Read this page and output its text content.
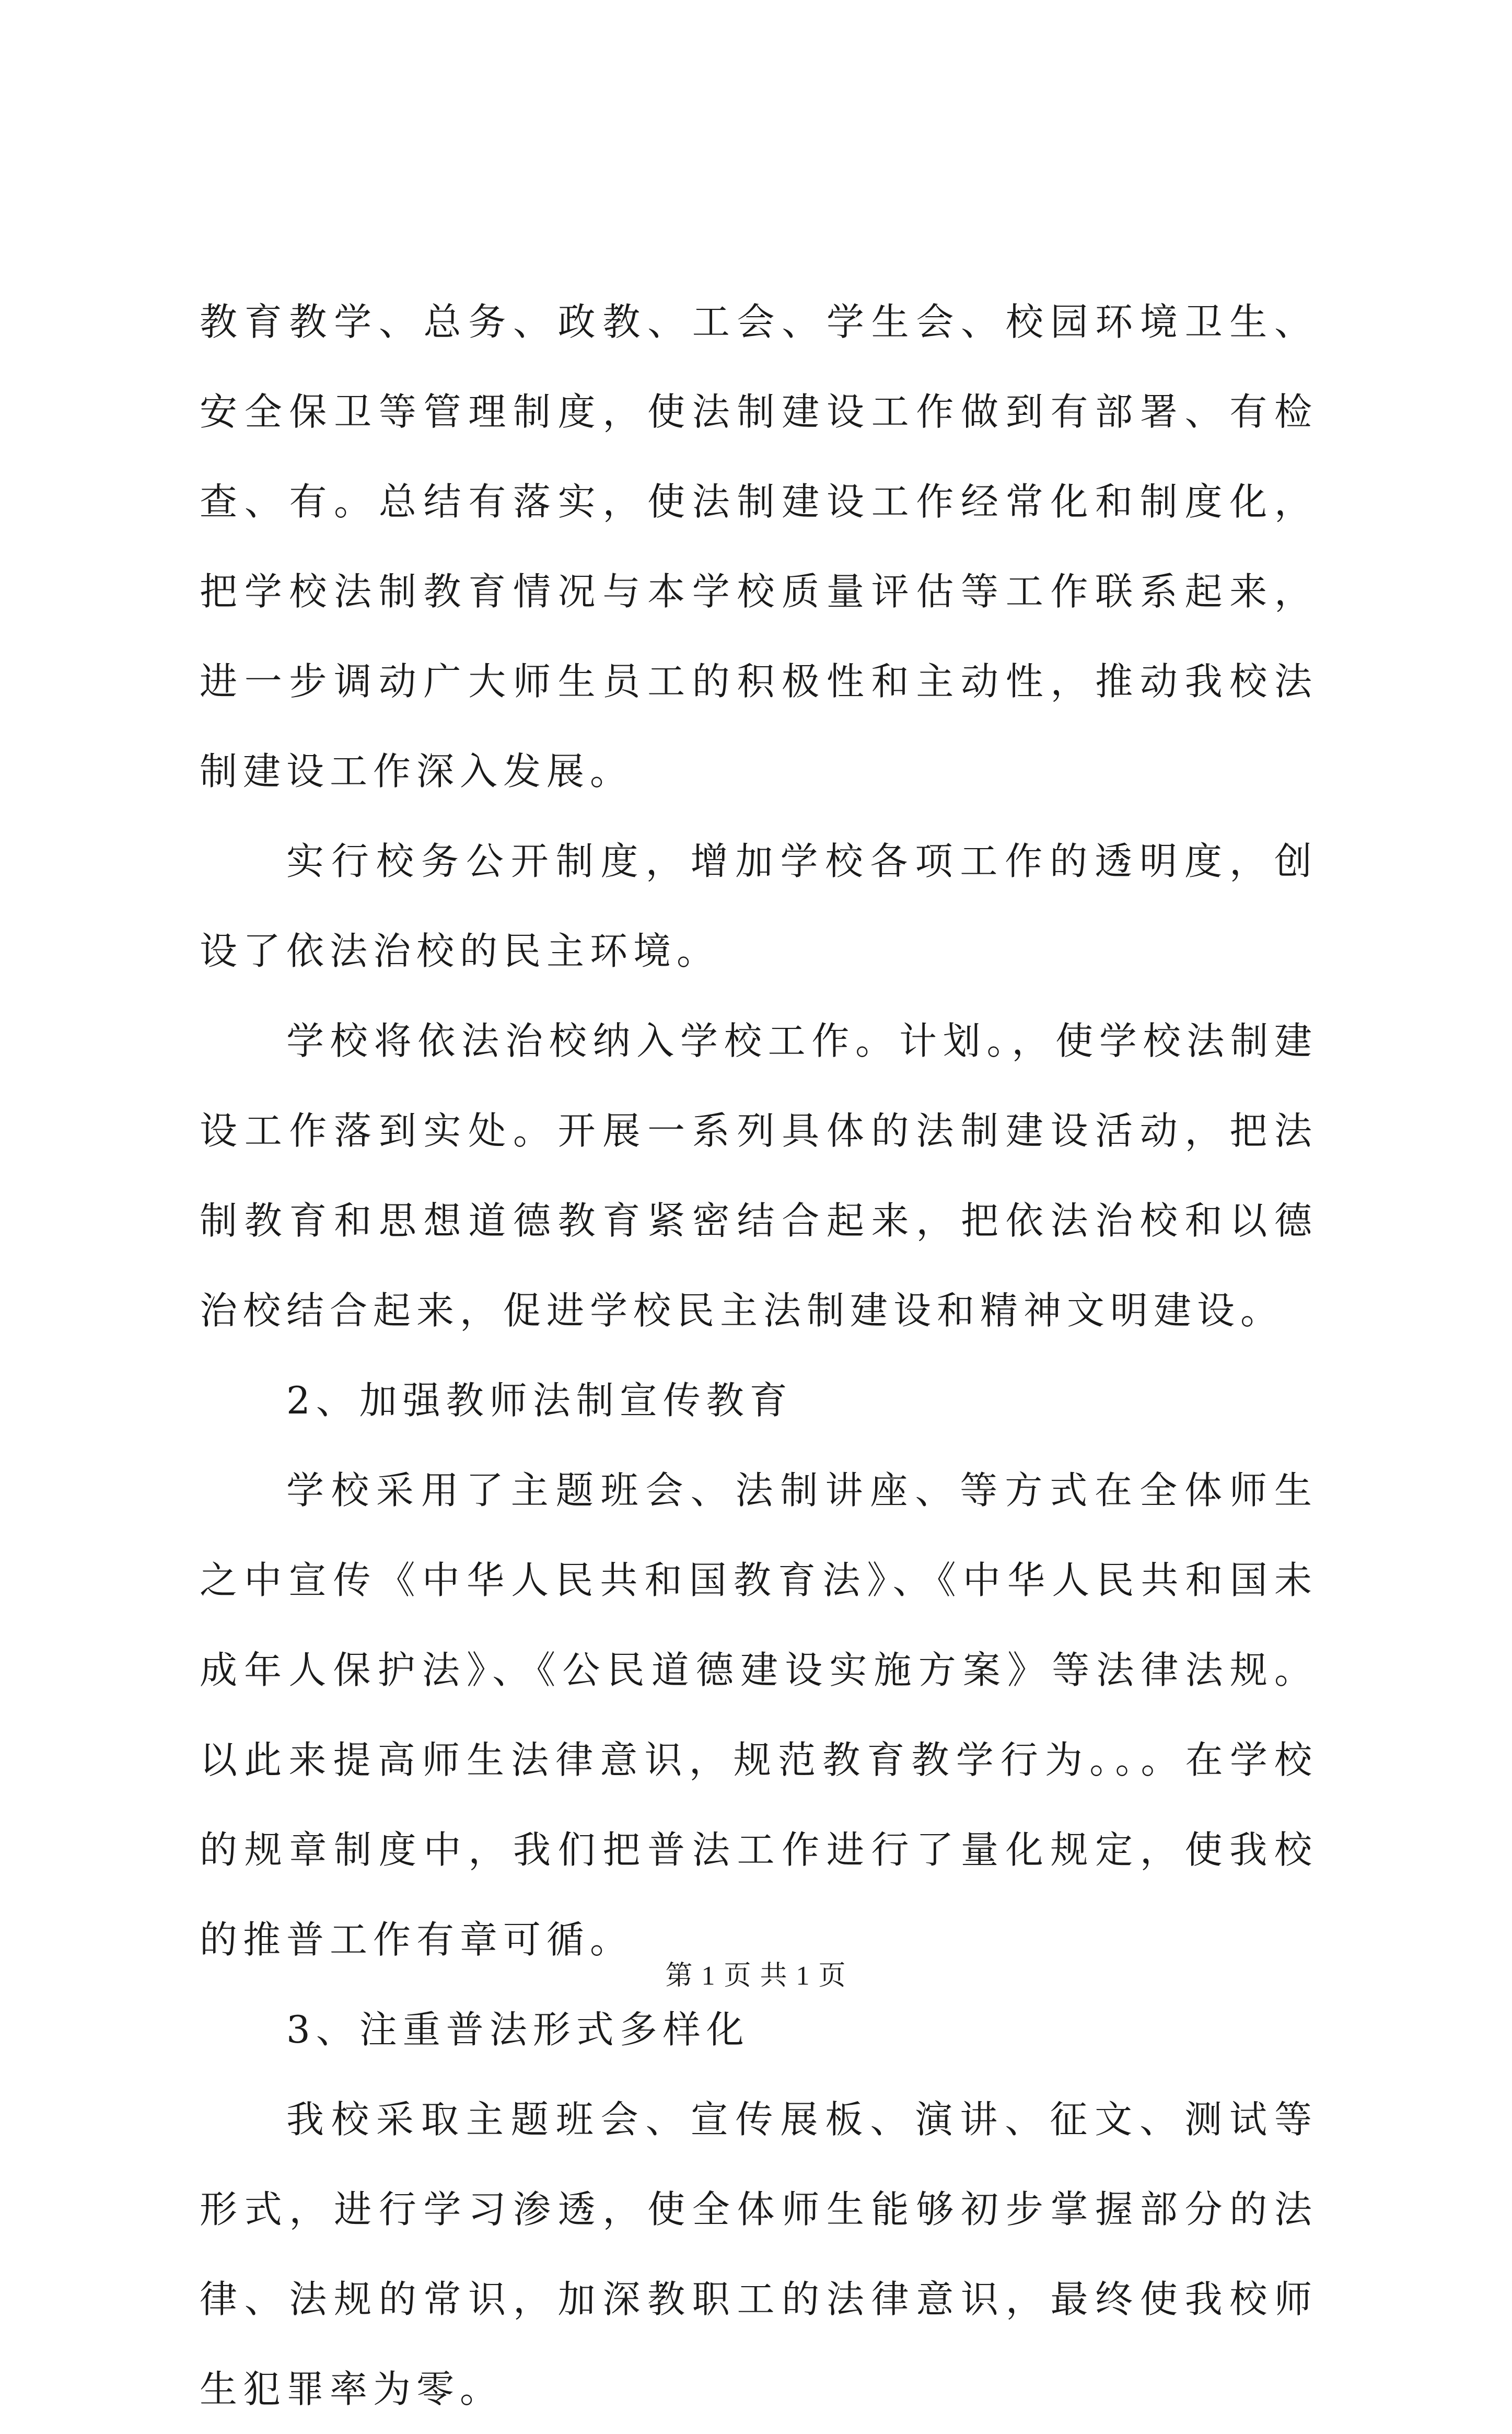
教育教学、总务、政教、工会、学生会、校园环境卫生、安全保卫等管理制度，使法制建设工作做到有部署、有检查、有。总结有落实，使法制建设工作经常化和制度化，把学校法制教育情况与本学校质量评估等工作联系起来，进一步调动广大师生员工的积极性和主动性，推动我校法制建设工作深入发展。

实行校务公开制度，增加学校各项工作的透明度，创设了依法治校的民主环境。

学校将依法治校纳入学校工作。计划。，使学校法制建设工作落到实处。开展一系列具体的法制建设活动，把法制教育和思想道德教育紧密结合起来，把依法治校和以德治校结合起来，促进学校民主法制建设和精神文明建设。

2、加强教师法制宣传教育

学校采用了主题班会、法制讲座、等方式在全体师生之中宣传《中华人民共和国教育法》、《中华人民共和国未成年人保护法》、《公民道德建设实施方案》等法律法规。以此来提高师生法律意识，规范教育教学行为。。。在学校的规章制度中，我们把普法工作进行了量化规定，使我校的推普工作有章可循。

3、注重普法形式多样化

我校采取主题班会、宣传展板、演讲、征文、测试等形式，进行学习渗透，使全体师生能够初步掌握部分的法律、法规的常识，加深教职工的法律意识，最终使我校师生犯罪率为零。

第 1 页 共 1 页
